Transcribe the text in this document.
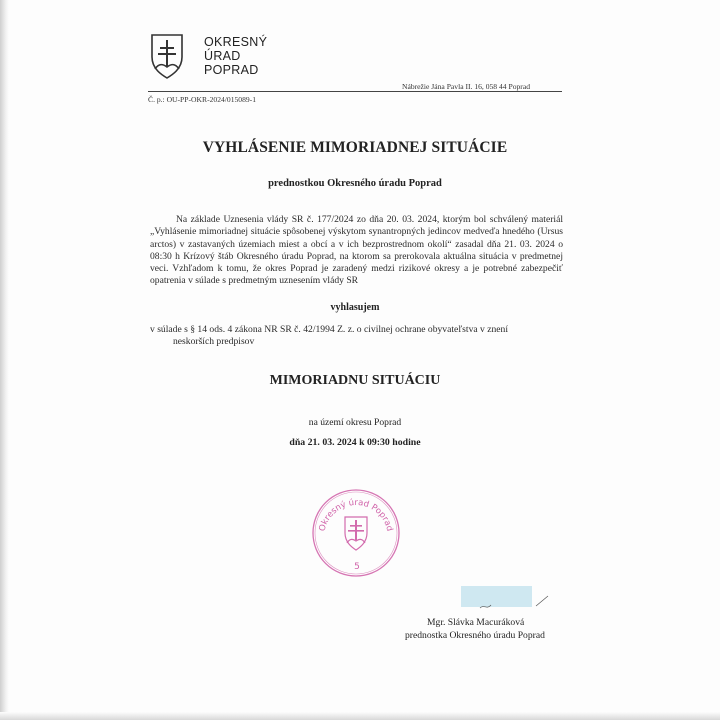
OKRESNÝ
ÚRAD
POPRAD
Nábrežie Jána Pavla II. 16, 058 44 Poprad
Č. p.: OU-PP-OKR-2024/015089-1
VYHLÁSENIE MIMORIADNEJ SITUÁCIE
prednostkou Okresného úradu Poprad
Na základe Uznesenia vlády SR č. 177/2024 zo dňa 20. 03. 2024, ktorým bol schválený materiál „Vyhlásenie mimoriadnej situácie spôsobenej výskytom synantropných jedincov medveďa hnedého (Ursus arctos) v zastavaných územiach miest a obcí a v ich bezprostrednom okolí“ zasadal dňa 21. 03. 2024 o 08:30 h Krízový štáb Okresného úradu Poprad, na ktorom sa prerokovala aktuálna situácia v predmetnej veci. Vzhľadom k tomu, že okres Poprad je zaradený medzi rizikové okresy a je potrebné zabezpečiť opatrenia v súlade s predmetným uznesením vlády SR
vyhlasujem
v súlade s § 14 ods. 4 zákona NR SR č. 42/1994 Z. z. o civilnej ochrane obyvateľstva v znení
neskorších predpisov
MIMORIADNU SITUÁCIU
na území okresu Poprad
dňa 21. 03. 2024 k 09:30 hodine
Okresný úrad Poprad
5
Mgr. Slávka Macuráková
prednostka Okresného úradu Poprad
